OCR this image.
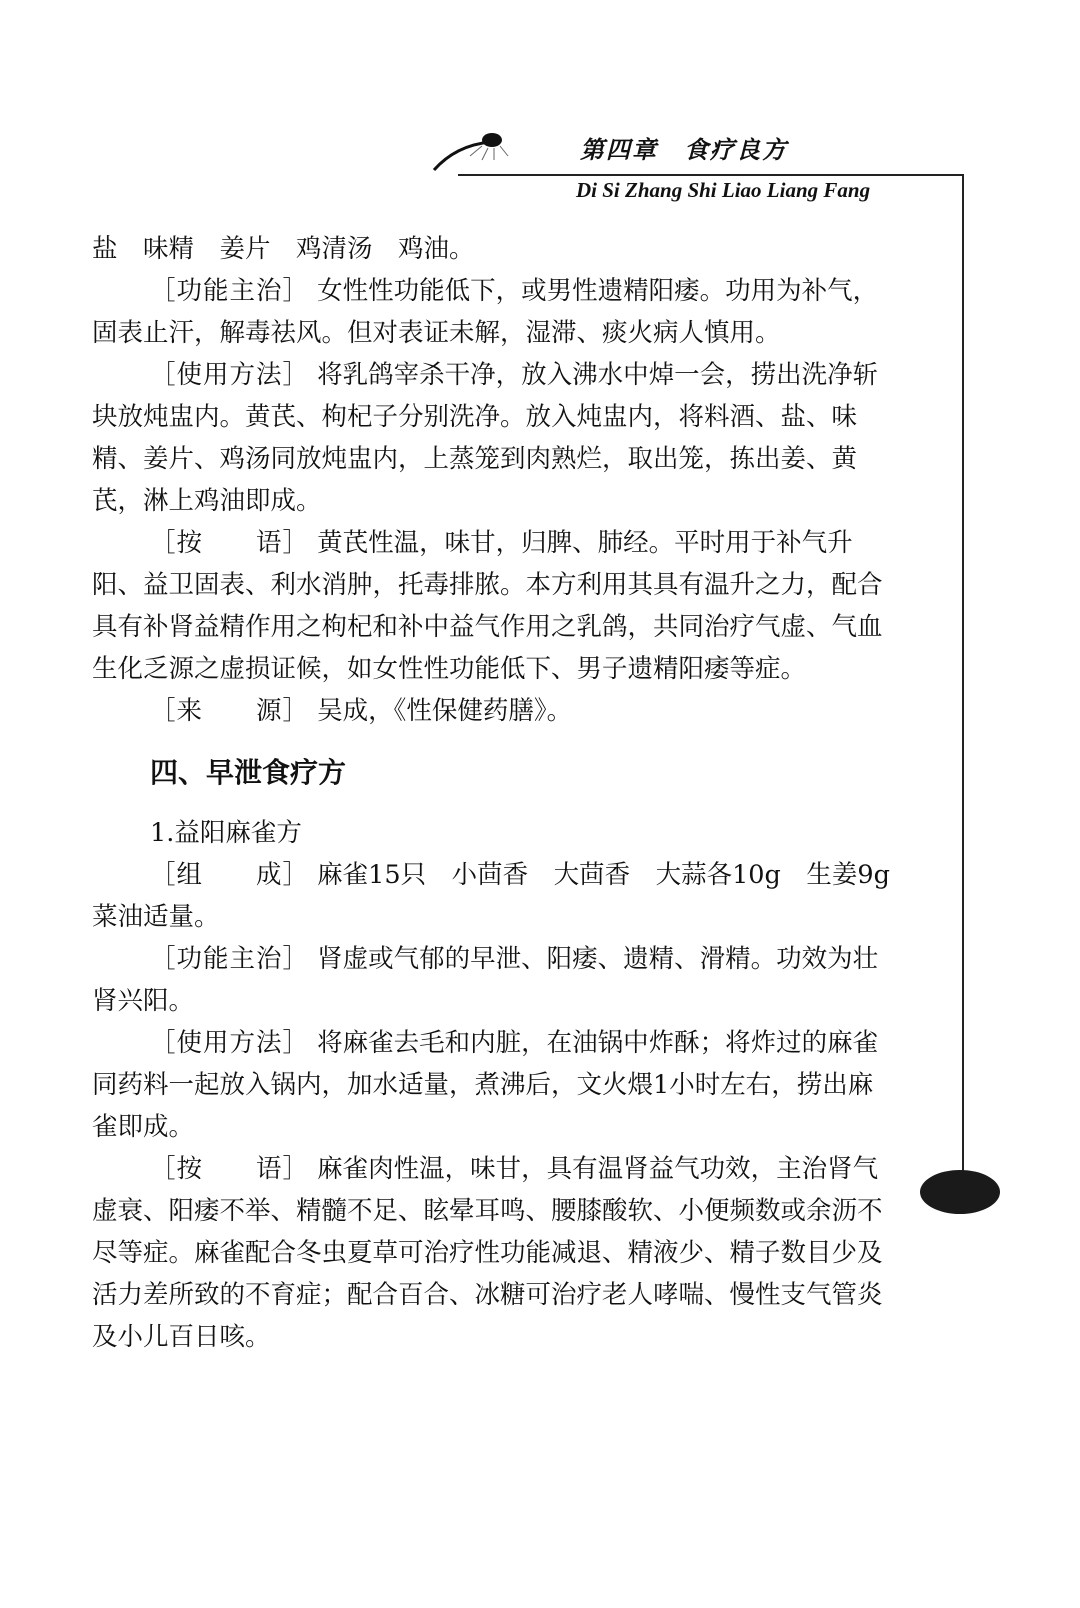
第四章　食疗良方
Di Si Zhang Shi Liao Liang Fang

盐　味精　姜片　鸡清汤　鸡油。

［功能主治］ 女性性功能低下，或男性遗精阳痿。功用为补气，固表止汗，解毒祛风。但对表证未解，湿滞、痰火病人慎用。

［使用方法］ 将乳鸽宰杀干净，放入沸水中焯一会，捞出洗净斩块放炖盅内。黄芪、枸杞子分别洗净。放入炖盅内，将料酒、盐、味精、姜片、鸡汤同放炖盅内，上蒸笼到肉熟烂，取出笼，拣出姜、黄芪，淋上鸡油即成。

［按　　语］ 黄芪性温，味甘，归脾、肺经。平时用于补气升阳、益卫固表、利水消肿，托毒排脓。本方利用其具有温升之力，配合具有补肾益精作用之枸杞和补中益气作用之乳鸽，共同治疗气虚、气血生化乏源之虚损证候，如女性性功能低下、男子遗精阳痿等症。

［来　　源］ 吴成，《性保健药膳》。

四、早泄食疗方

1.益阳麻雀方

［组　　成］ 麻雀15只　小茴香　大茴香　大蒜各10g　生姜9g　菜油适量。

［功能主治］ 肾虚或气郁的早泄、阳痿、遗精、滑精。功效为壮肾兴阳。

［使用方法］ 将麻雀去毛和内脏，在油锅中炸酥；将炸过的麻雀同药料一起放入锅内，加水适量，煮沸后，文火煨1小时左右，捞出麻雀即成。

［按　　语］ 麻雀肉性温，味甘，具有温肾益气功效，主治肾气虚衰、阳痿不举、精髓不足、眩晕耳鸣、腰膝酸软、小便频数或余沥不尽等症。麻雀配合冬虫夏草可治疗性功能减退、精液少、精子数目少及活力差所致的不育症；配合百合、冰糖可治疗老人哮喘、慢性支气管炎及小儿百日咳。
